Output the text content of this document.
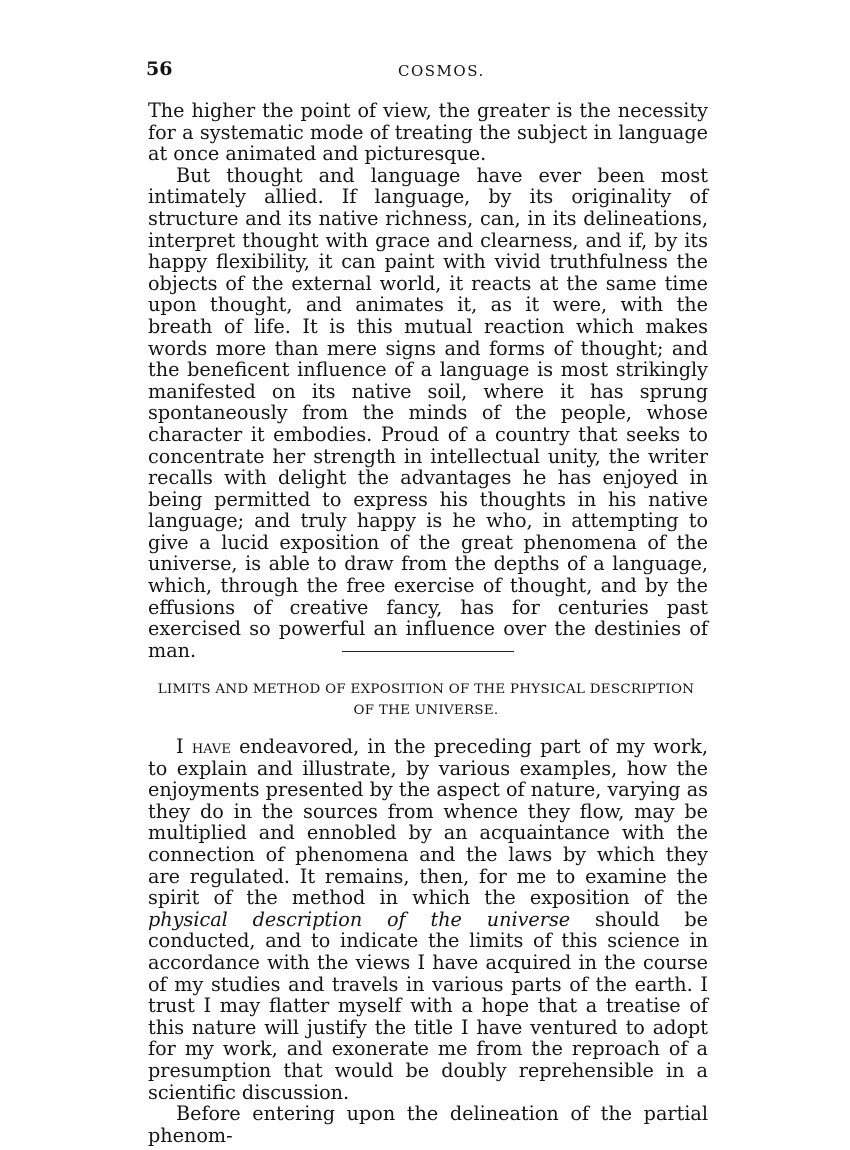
56	COSMOS.

The higher the point of view, the greater is the necessity for a systematic mode of treating the subject in language at once animated and picturesque.

But thought and language have ever been most intimately allied. If language, by its originality of structure and its native richness, can, in its delineations, interpret thought with grace and clearness, and if, by its happy flexibility, it can paint with vivid truthfulness the objects of the external world, it reacts at the same time upon thought, and animates it, as it were, with the breath of life. It is this mutual reaction which makes words more than mere signs and forms of thought; and the beneficent influence of a language is most strikingly manifested on its native soil, where it has sprung spontaneously from the minds of the people, whose character it embodies. Proud of a country that seeks to concentrate her strength in intellectual unity, the writer recalls with delight the advantages he has enjoyed in being permitted to express his thoughts in his native language; and truly happy is he who, in attempting to give a lucid exposition of the great phenomena of the universe, is able to draw from the depths of a language, which, through the free exercise of thought, and by the effusions of creative fancy, has for centuries past exercised so powerful an influence over the destinies of man.

LIMITS AND METHOD OF EXPOSITION OF THE PHYSICAL DESCRIPTION
OF THE UNIVERSE.

I have endeavored, in the preceding part of my work, to explain and illustrate, by various examples, how the enjoyments presented by the aspect of nature, varying as they do in the sources from whence they flow, may be multiplied and ennobled by an acquaintance with the connection of phenomena and the laws by which they are regulated. It remains, then, for me to examine the spirit of the method in which the exposition of the physical description of the universe should be conducted, and to indicate the limits of this science in accordance with the views I have acquired in the course of my studies and travels in various parts of the earth. I trust I may flatter myself with a hope that a treatise of this nature will justify the title I have ventured to adopt for my work, and exonerate me from the reproach of a presumption that would be doubly reprehensible in a scientific discussion.

Before entering upon the delineation of the partial phenom-
